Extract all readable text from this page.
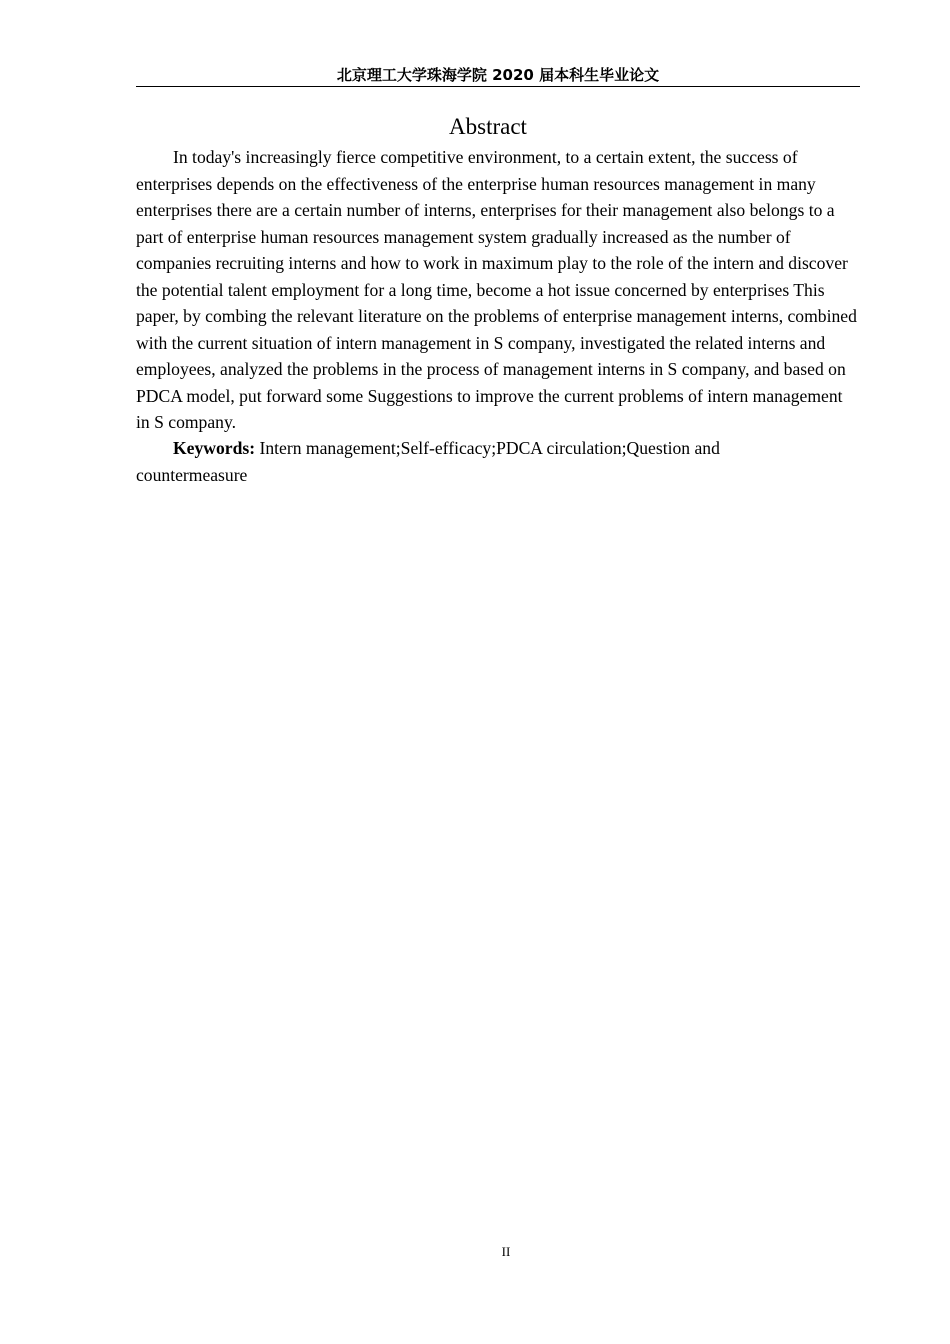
北京理工大学珠海学院 2020 届本科生毕业论文
Abstract

In today's increasingly fierce competitive environment, to a certain extent, the success of enterprises depends on the effectiveness of the enterprise human resources management in many enterprises there are a certain number of interns, enterprises for their management also belongs to a part of enterprise human resources management system gradually increased as the number of companies recruiting interns and how to work in maximum play to the role of the intern and discover the potential talent employment for a long time, become a hot issue concerned by enterprises This paper, by combing the relevant literature on the problems of enterprise management interns, combined with the current situation of intern management in S company, investigated the related interns and employees, analyzed the problems in the process of management interns in S company, and based on PDCA model, put forward some Suggestions to improve the current problems of intern management in S company.

Keywords: Intern management;Self-efficacy;PDCA circulation;Question and countermeasure

II
